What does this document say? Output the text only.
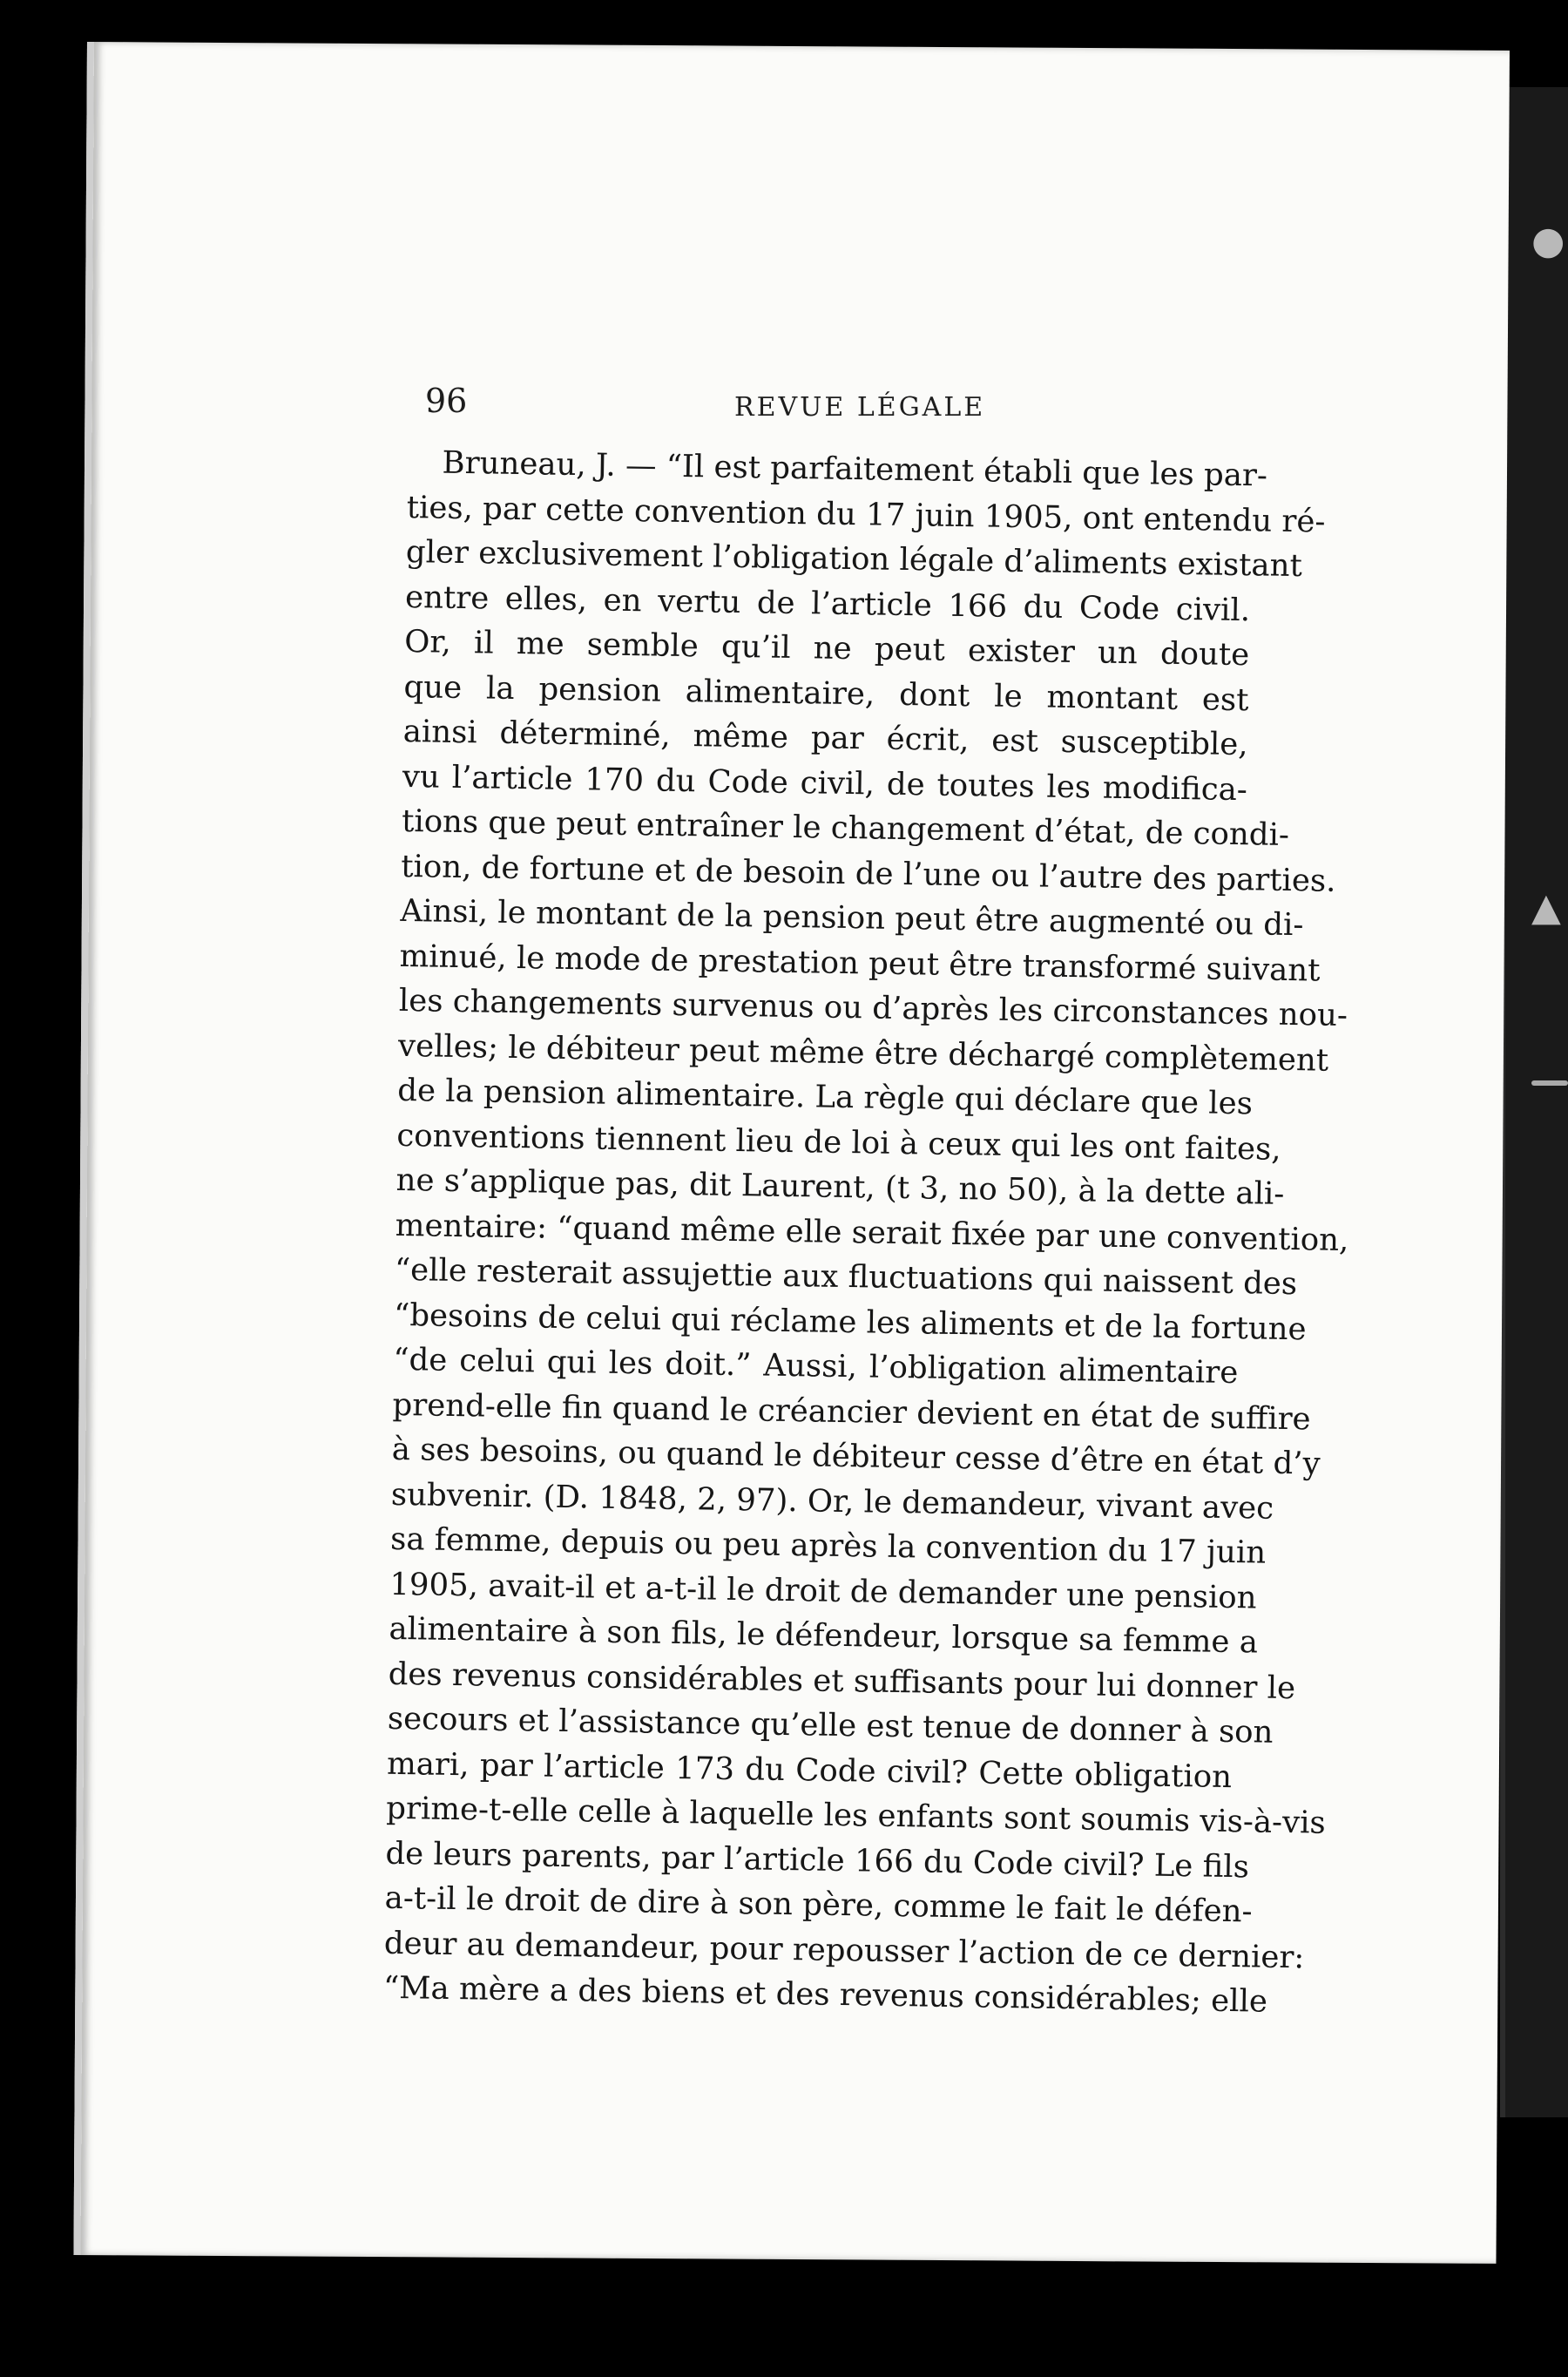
●
▲
96	REVUE LÉGALE
Bruneau, J. — “Il est parfaitement établi que les par-
ties, par cette convention du 17 juin 1905, ont entendu ré-
gler exclusivement l’obligation légale d’aliments existant
entre elles, en vertu de l’article 166 du Code civil.
Or, il me semble qu’il ne peut exister un doute
que la pension alimentaire, dont le montant est
ainsi déterminé, même par écrit, est susceptible,
vu l’article 170 du Code civil, de toutes les modifica-
tions que peut entraîner le changement d’état, de condi-
tion, de fortune et de besoin de l’une ou l’autre des parties.
Ainsi, le montant de la pension peut être augmenté ou di-
minué, le mode de prestation peut être transformé suivant
les changements survenus ou d’après les circonstances nou-
velles; le débiteur peut même être déchargé complètement
de la pension alimentaire. La règle qui déclare que les
conventions tiennent lieu de loi à ceux qui les ont faites,
ne s’applique pas, dit Laurent, (t 3, no 50), à la dette ali-
mentaire: “quand même elle serait fixée par une convention,
“elle resterait assujettie aux fluctuations qui naissent des
“besoins de celui qui réclame les aliments et de la fortune
“de celui qui les doit.” Aussi, l’obligation alimentaire
prend-elle fin quand le créancier devient en état de suffire
à ses besoins, ou quand le débiteur cesse d’être en état d’y
subvenir. (D. 1848, 2, 97). Or, le demandeur, vivant avec
sa femme, depuis ou peu après la convention du 17 juin
1905, avait-il et a-t-il le droit de demander une pension
alimentaire à son fils, le défendeur, lorsque sa femme a
des revenus considérables et suffisants pour lui donner le
secours et l’assistance qu’elle est tenue de donner à son
mari, par l’article 173 du Code civil? Cette obligation
prime-t-elle celle à laquelle les enfants sont soumis vis-à-vis
de leurs parents, par l’article 166 du Code civil? Le fils
a-t-il le droit de dire à son père, comme le fait le défen-
deur au demandeur, pour repousser l’action de ce dernier:
“Ma mère a des biens et des revenus considérables; elle
